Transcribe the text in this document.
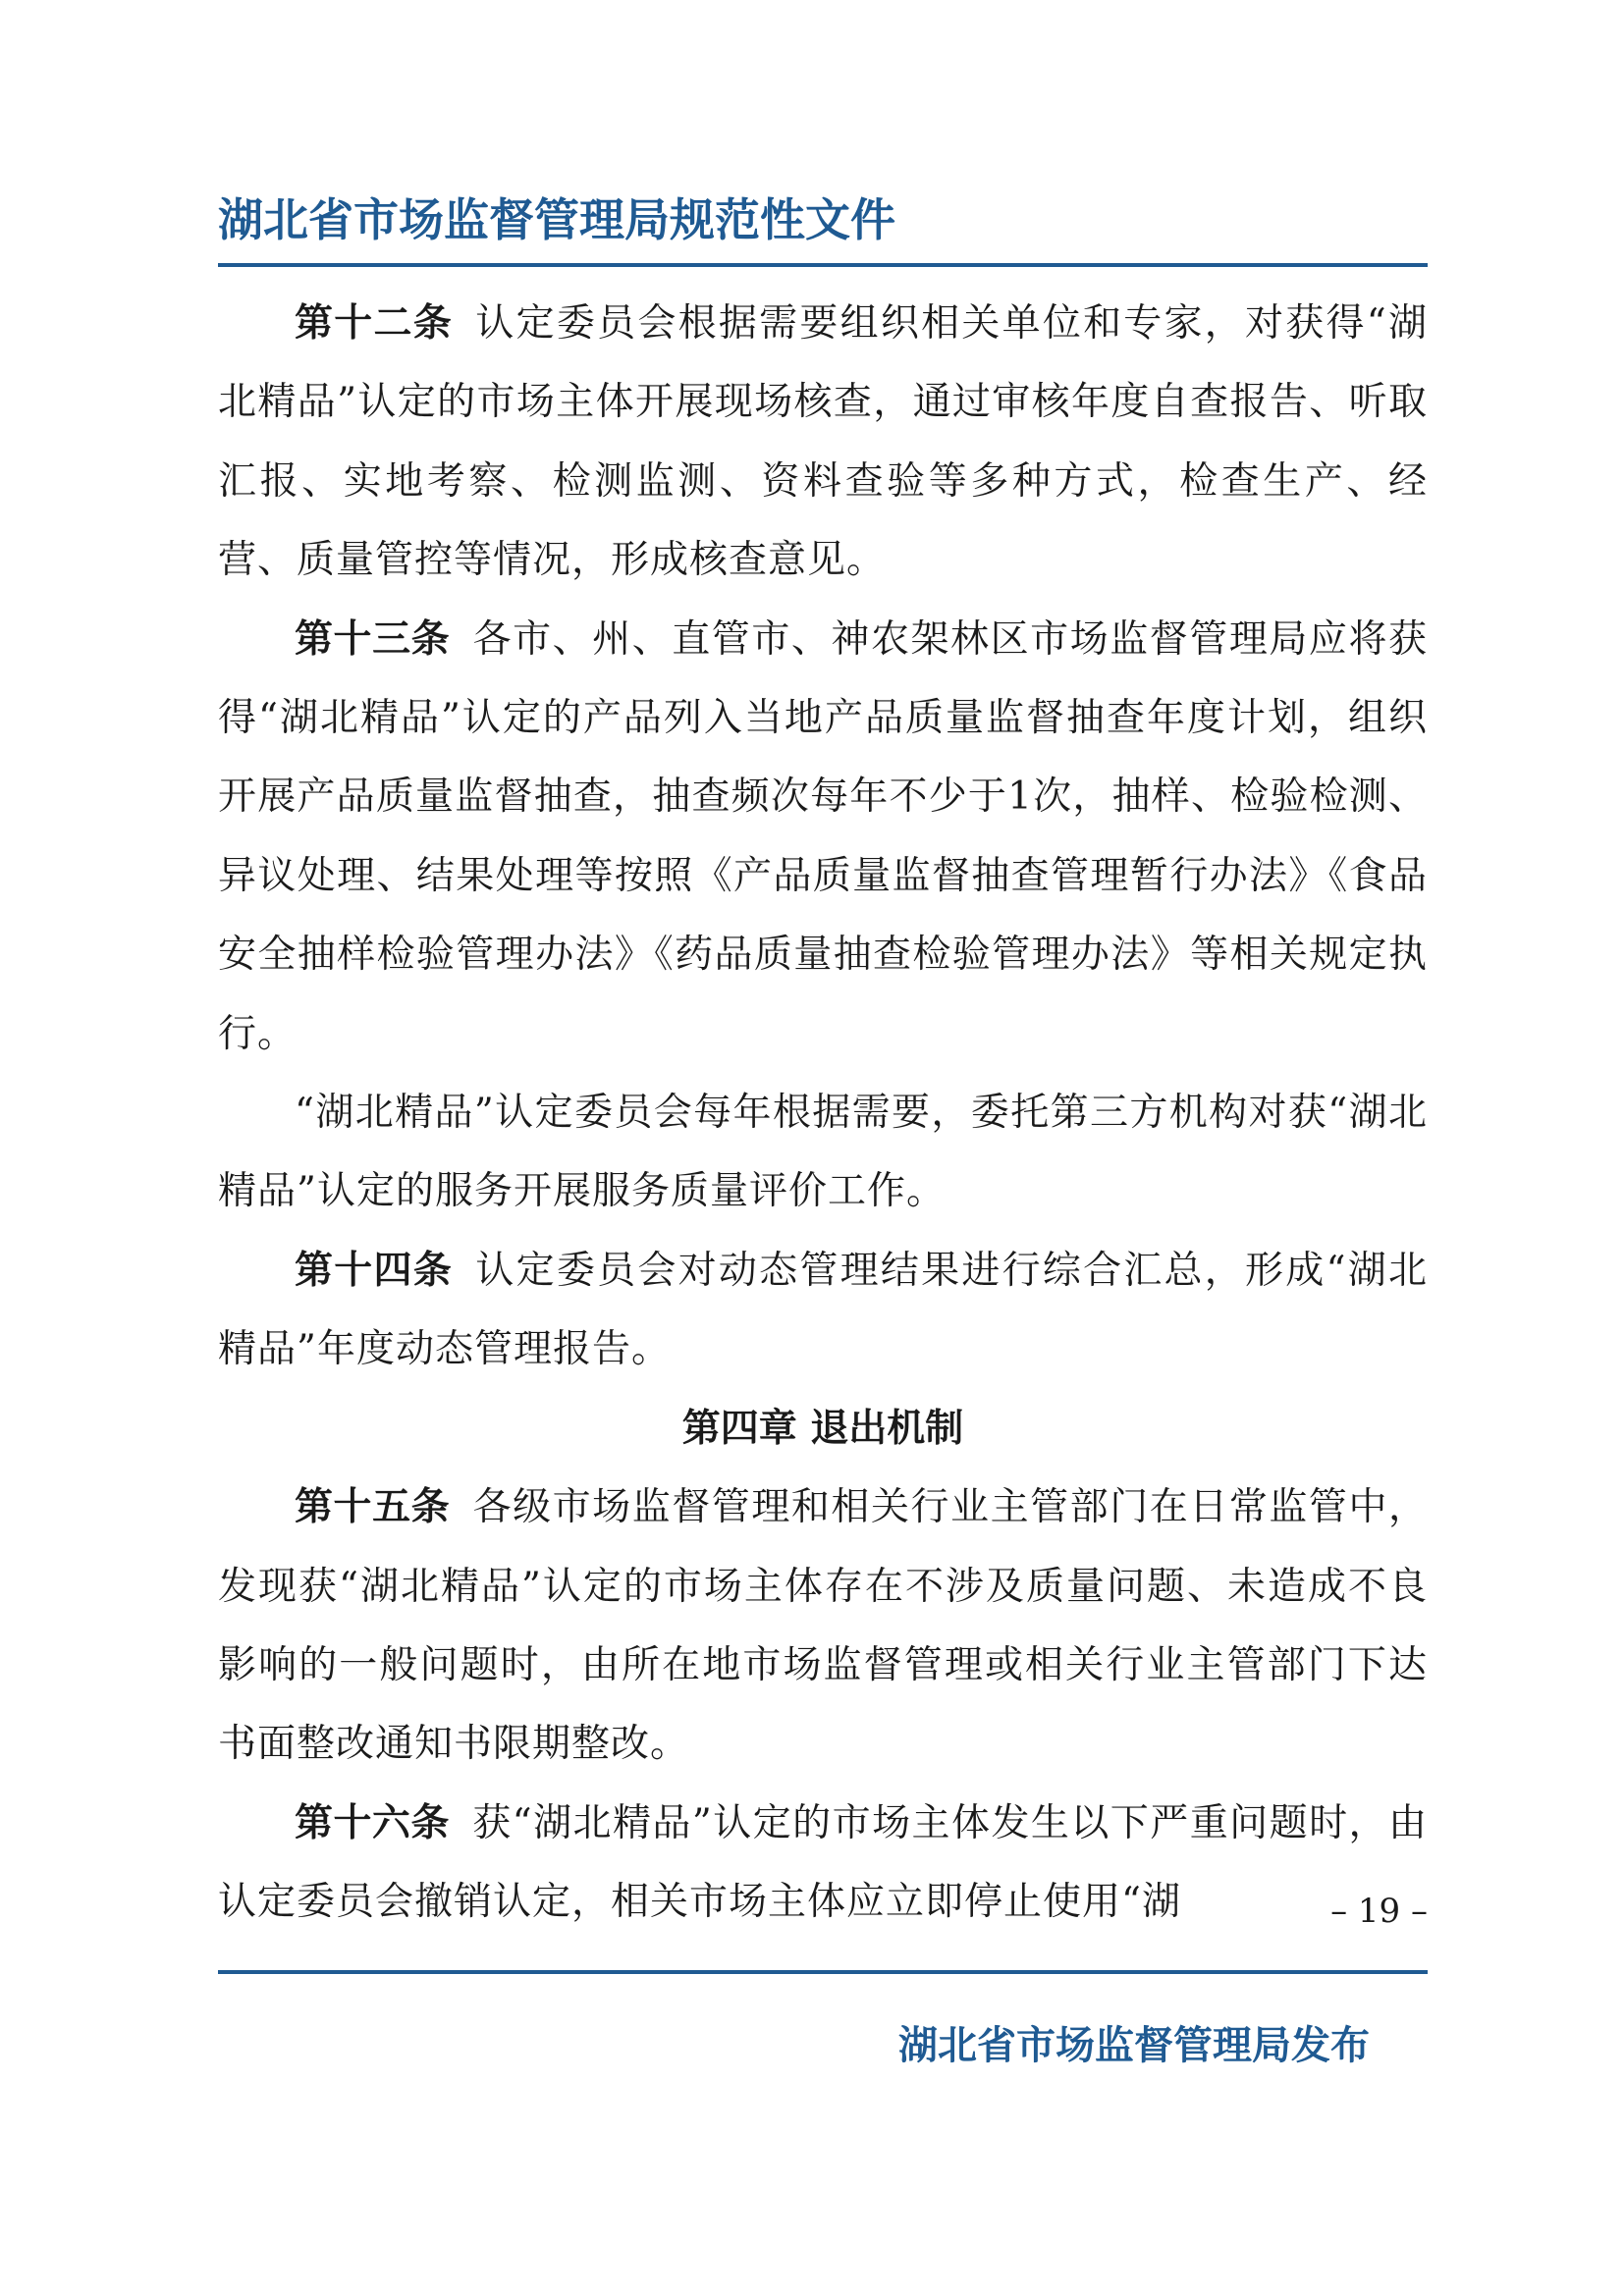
湖北省市场监督管理局规范性文件

第十二条 认定委员会根据需要组织相关单位和专家，对获得“湖北精品”认定的市场主体开展现场核查，通过审核年度自查报告、听取汇报、实地考察、检测监测、资料查验等多种方式，检查生产、经营、质量管控等情况，形成核查意见。

第十三条 各市、州、直管市、神农架林区市场监督管理局应将获得“湖北精品”认定的产品列入当地产品质量监督抽查年度计划，组织开展产品质量监督抽查，抽查频次每年不少于1次，抽样、检验检测、异议处理、结果处理等按照《产品质量监督抽查管理暂行办法》《食品安全抽样检验管理办法》《药品质量抽查检验管理办法》等相关规定执行。

“湖北精品”认定委员会每年根据需要，委托第三方机构对获“湖北精品”认定的服务开展服务质量评价工作。

第十四条 认定委员会对动态管理结果进行综合汇总，形成“湖北精品”年度动态管理报告。

第四章 退出机制

第十五条 各级市场监督管理和相关行业主管部门在日常监管中，发现获“湖北精品”认定的市场主体存在不涉及质量问题、未造成不良影响的一般问题时，由所在地市场监督管理或相关行业主管部门下达书面整改通知书限期整改。

第十六条 获“湖北精品”认定的市场主体发生以下严重问题时，由认定委员会撤销认定，相关市场主体应立即停止使用“湖	– 19 –
湖北省市场监督管理局发布
